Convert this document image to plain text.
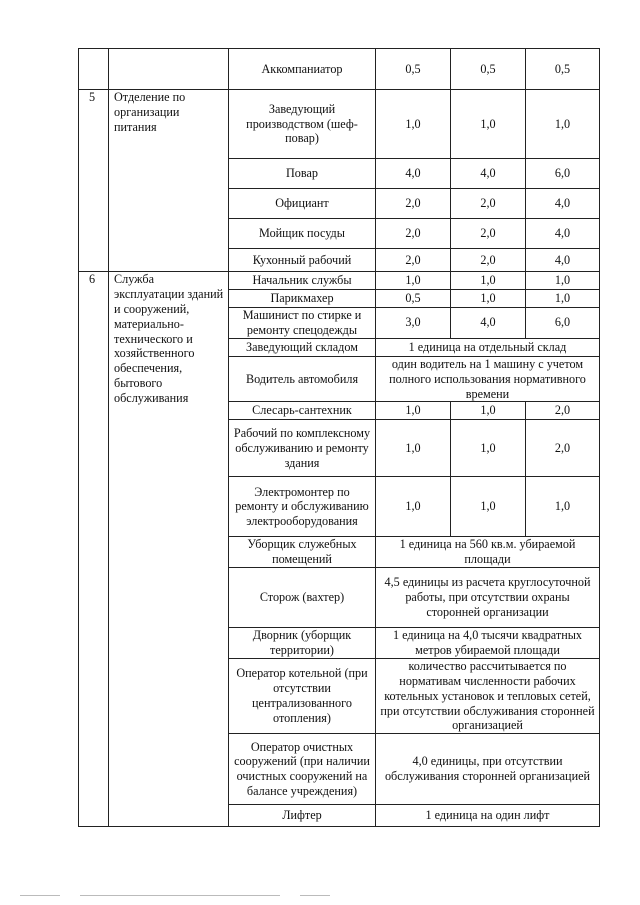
		Аккомпаниатор	0,5	0,5	0,5
5	Отделение по организации питания	Заведующий производством (шеф-повар)	1,0	1,0	1,0
		Повар	4,0	4,0	6,0
		Официант	2,0	2,0	4,0
		Мойщик посуды	2,0	2,0	4,0
		Кухонный рабочий	2,0	2,0	4,0
6	Служба эксплуатации зданий и сооружений, материально-технического и хозяйственного обеспечения, бытового обслуживания	Начальник службы	1,0	1,0	1,0
		Парикмахер	0,5	1,0	1,0
		Машинист по стирке и ремонту спецодежды	3,0	4,0	6,0
		Заведующий складом	1 единица на отдельный склад		
		Водитель автомобиля	один водитель на 1 машину с учетом полного использования нормативного времени		
		Слесарь-сантехник	1,0	1,0	2,0
		Рабочий по комплексному обслуживанию и ремонту здания	1,0	1,0	2,0
		Электромонтер по ремонту и обслуживанию электрооборудования	1,0	1,0	1,0
		Уборщик служебных помещений	1 единица на 560 кв.м. убираемой площади		
		Сторож (вахтер)	4,5 единицы из расчета круглосуточной работы, при отсутствии охраны сторонней организации		
		Дворник (уборщик территории)	1 единица на 4,0 тысячи квадратных метров убираемой площади		
		Оператор котельной (при отсутствии централизованного отопления)	количество рассчитывается по нормативам численности рабочих котельных установок и тепловых сетей, при отсутствии обслуживания сторонней организацией		
		Оператор очистных сооружений (при наличии очистных сооружений на балансе учреждения)	4,0 единицы, при отсутствии обслуживания сторонней организацией		
		Лифтер	1 единица на один лифт		
